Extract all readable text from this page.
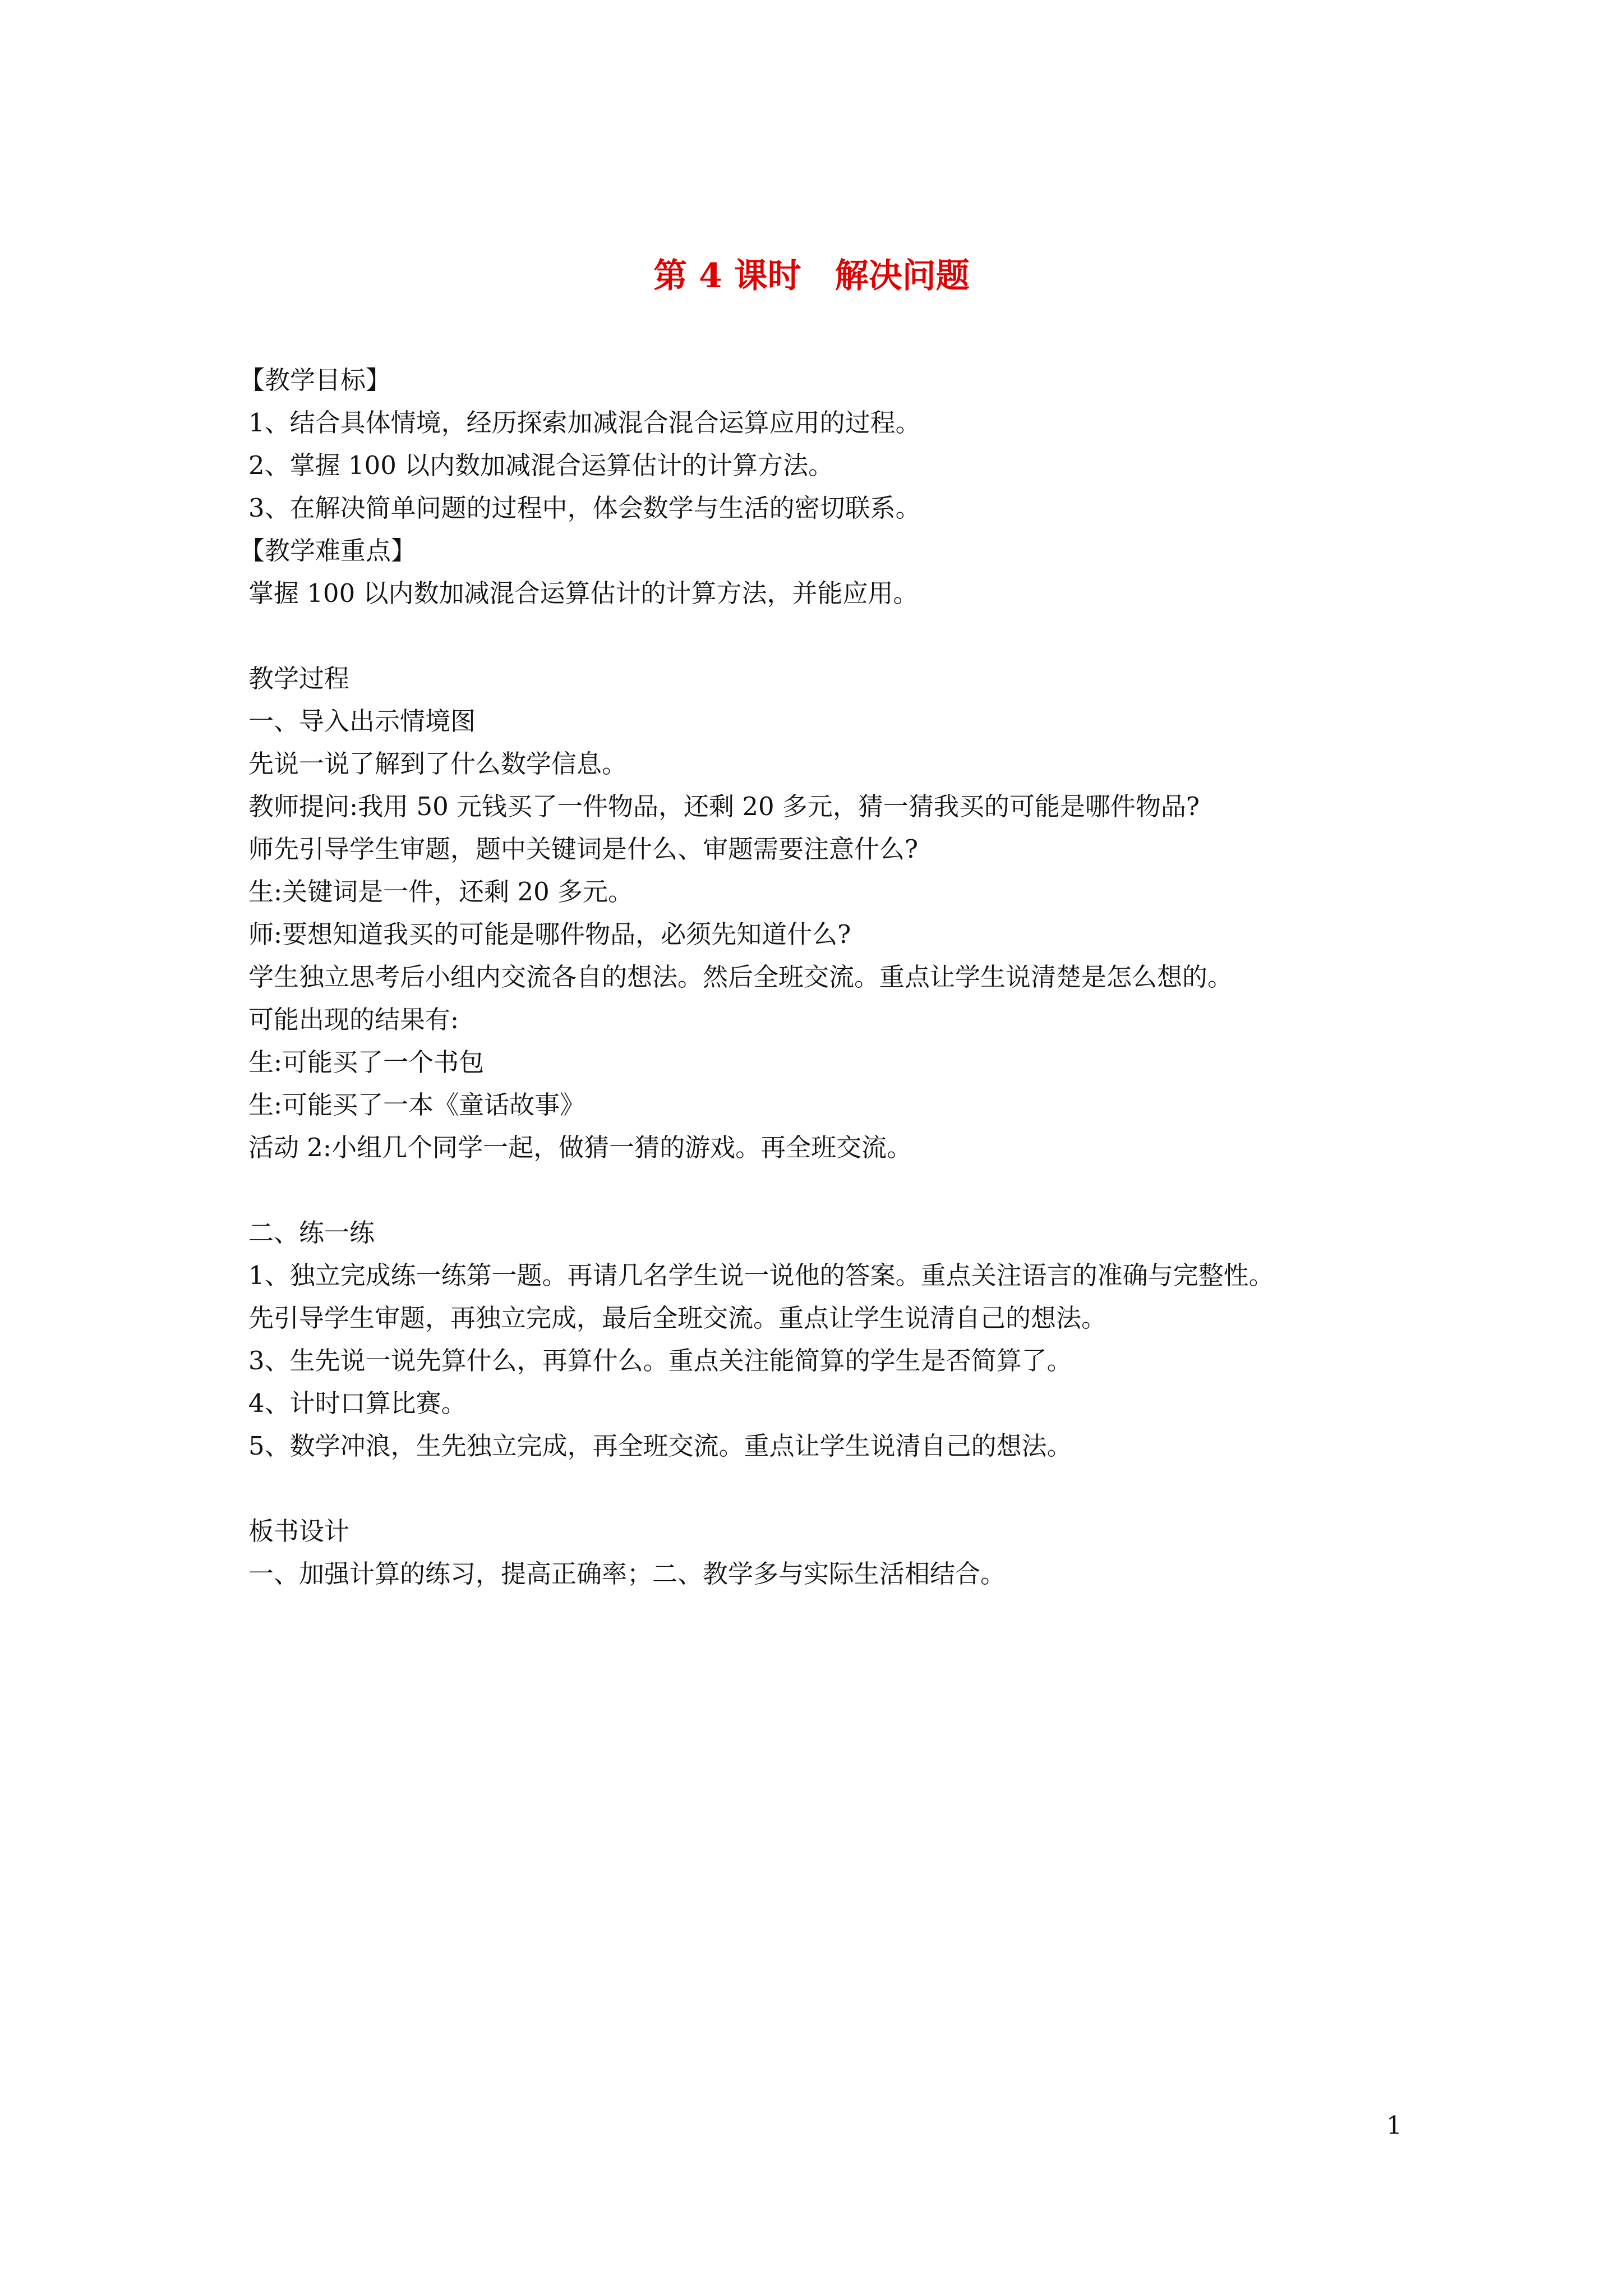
第 4 课时　解决问题

【教学目标】

1、结合具体情境，经历探索加减混合混合运算应用的过程。

2、掌握 100 以内数加减混合运算估计的计算方法。

3、在解决简单问题的过程中，体会数学与生活的密切联系。

【教学难重点】

掌握 100 以内数加减混合运算估计的计算方法，并能应用。

教学过程

一、导入出示情境图

先说一说了解到了什么数学信息。

教师提问:我用 50 元钱买了一件物品，还剩 20 多元，猜一猜我买的可能是哪件物品?

师先引导学生审题，题中关键词是什么、审题需要注意什么?

生:关键词是一件，还剩 20 多元。

师:要想知道我买的可能是哪件物品，必须先知道什么?

学生独立思考后小组内交流各自的想法。然后全班交流。重点让学生说清楚是怎么想的。

可能出现的结果有:

生:可能买了一个书包

生:可能买了一本《童话故事》

活动 2:小组几个同学一起，做猜一猜的游戏。再全班交流。

二、练一练

1、独立完成练一练第一题。再请几名学生说一说他的答案。重点关注语言的准确与完整性。

先引导学生审题，再独立完成，最后全班交流。重点让学生说清自己的想法。

3、生先说一说先算什么，再算什么。重点关注能简算的学生是否简算了。

4、计时口算比赛。

5、数学冲浪，生先独立完成，再全班交流。重点让学生说清自己的想法。

板书设计

一、加强计算的练习，提高正确率；二、教学多与实际生活相结合。

1
